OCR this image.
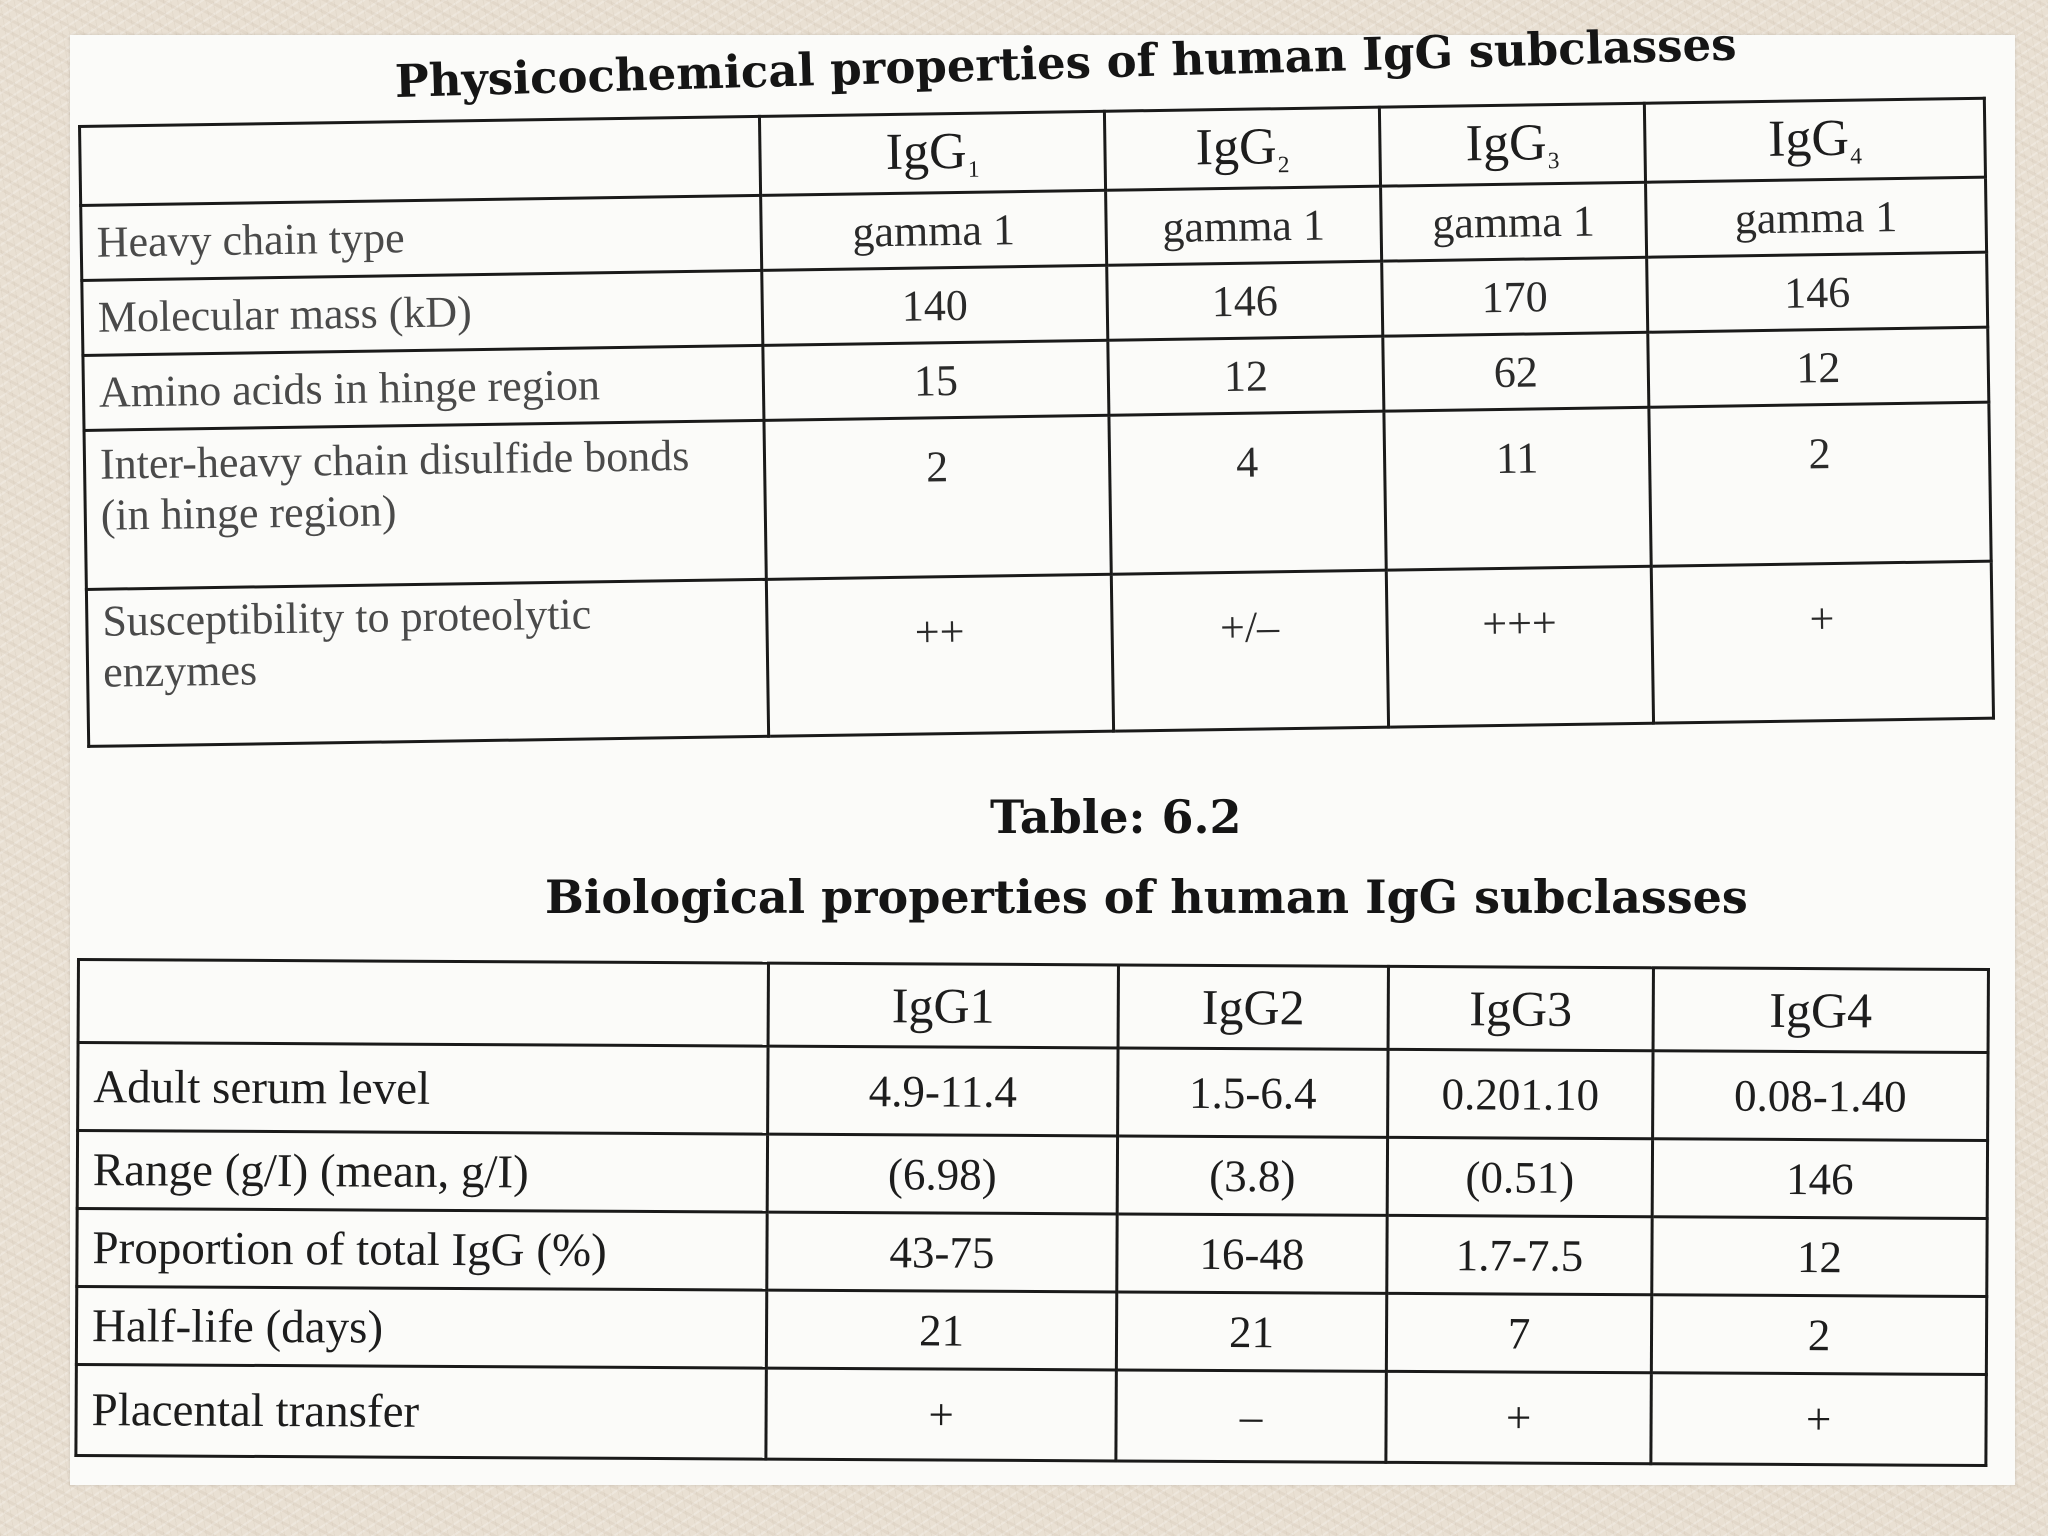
Physicochemical properties of human IgG subclasses
	IgG$_1$	IgG$_2$	IgG$_3$	IgG$_4$
Heavy chain type	gamma 1	gamma 1	gamma 1	gamma 1
Molecular mass (kD)	140	146	170	146
Amino acids in hinge region	15	12	62	12
Inter-heavy chain disulfide bonds (in hinge region)	2	4	11	2
Susceptibility to proteolytic enzymes	++	+/–	+++	+

Table: 6.2

Biological properties of human IgG subclasses
	IgG1	IgG2	IgG3	IgG4
Adult serum level	4.9-11.4	1.5-6.4	0.201.10	0.08-1.40
Range (g/I) (mean, g/I)	(6.98)	(3.8)	(0.51)	146
Proportion of total IgG (%)	43-75	16-48	1.7-7.5	12
Half-life (days)	21	21	7	2
Placental transfer	+	–	+	+
